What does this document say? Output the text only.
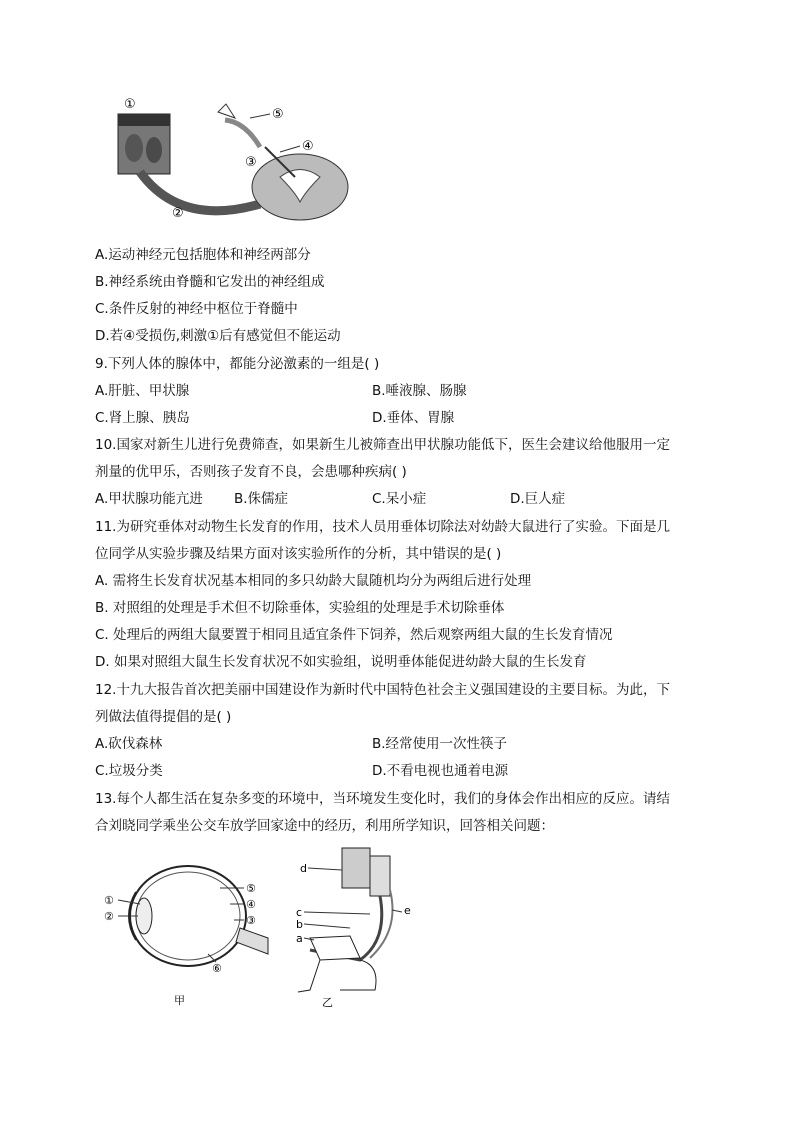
①
②
③
④
⑤
A.运动神经元包括胞体和神经两部分
B.神经系统由脊髓和它发出的神经组成
C.条件反射的神经中枢位于脊髓中
D.若④受损伤,刺激①后有感觉但不能运动
9.下列人体的腺体中，都能分泌激素的一组是( )
A.肝脏、甲状腺	B.唾液腺、肠腺
C.肾上腺、胰岛	D.垂体、胃腺
10.国家对新生儿进行免费筛查，如果新生儿被筛查出甲状腺功能低下，医生会建议给他服用一定
剂量的优甲乐，否则孩子发育不良，会患哪种疾病( )
A.甲状腺功能亢进 B.侏儒症	C.呆小症	D.巨人症
11.为研究垂体对动物生长发育的作用，技术人员用垂体切除法对幼龄大鼠进行了实验。下面是几
位同学从实验步骤及结果方面对该实验所作的分析，其中错误的是( )
A. 需将生长发育状况基本相同的多只幼龄大鼠随机均分为两组后进行处理
B. 对照组的处理是手术但不切除垂体，实验组的处理是手术切除垂体
C. 处理后的两组大鼠要置于相同且适宜条件下饲养，然后观察两组大鼠的生长发育情况
D. 如果对照组大鼠生长发育状况不如实验组，说明垂体能促进幼龄大鼠的生长发育
12.十九大报告首次把美丽中国建设作为新时代中国特色社会主义强国建设的主要目标。为此，下
列做法值得提倡的是( )
A.砍伐森林	B.经常使用一次性筷子
C.垃圾分类	D.不看电视也通着电源
13.每个人都生活在复杂多变的环境中，当环境发生变化时，我们的身体会作出相应的反应。请结
合刘晓同学乘坐公交车放学回家途中的经历，利用所学知识，回答相关问题：
①
②
⑤
④
③
⑥
甲
d
e
c
b
a
乙
